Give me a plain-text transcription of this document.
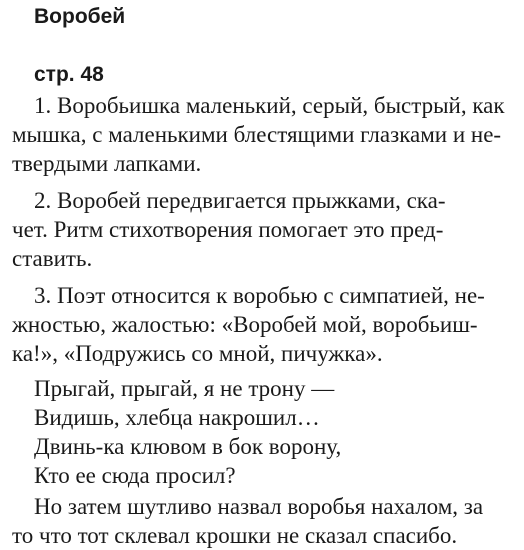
Воробей
стр. 48
1. Воробьишка маленький, серый, быстрый, как
мышка, с маленькими блестящими глазками и не-
твердыми лапками.
2. Воробей передвигается прыжками, ска-
чет. Ритм стихотворения помогает это пред-
ставить.
3. Поэт относится к воробью с симпатией, не-
жностью, жалостью: «Воробей мой, воробьиш-
ка!», «Подружись со мной, пичужка».
Прыгай, прыгай, я не трону —
Видишь, хлебца накрошил…
Двинь-ка клювом в бок ворону,
Кто ее сюда просил?
Но затем шутливо назвал воробья нахалом, за
то что тот склевал крошки не сказал спасибо.
